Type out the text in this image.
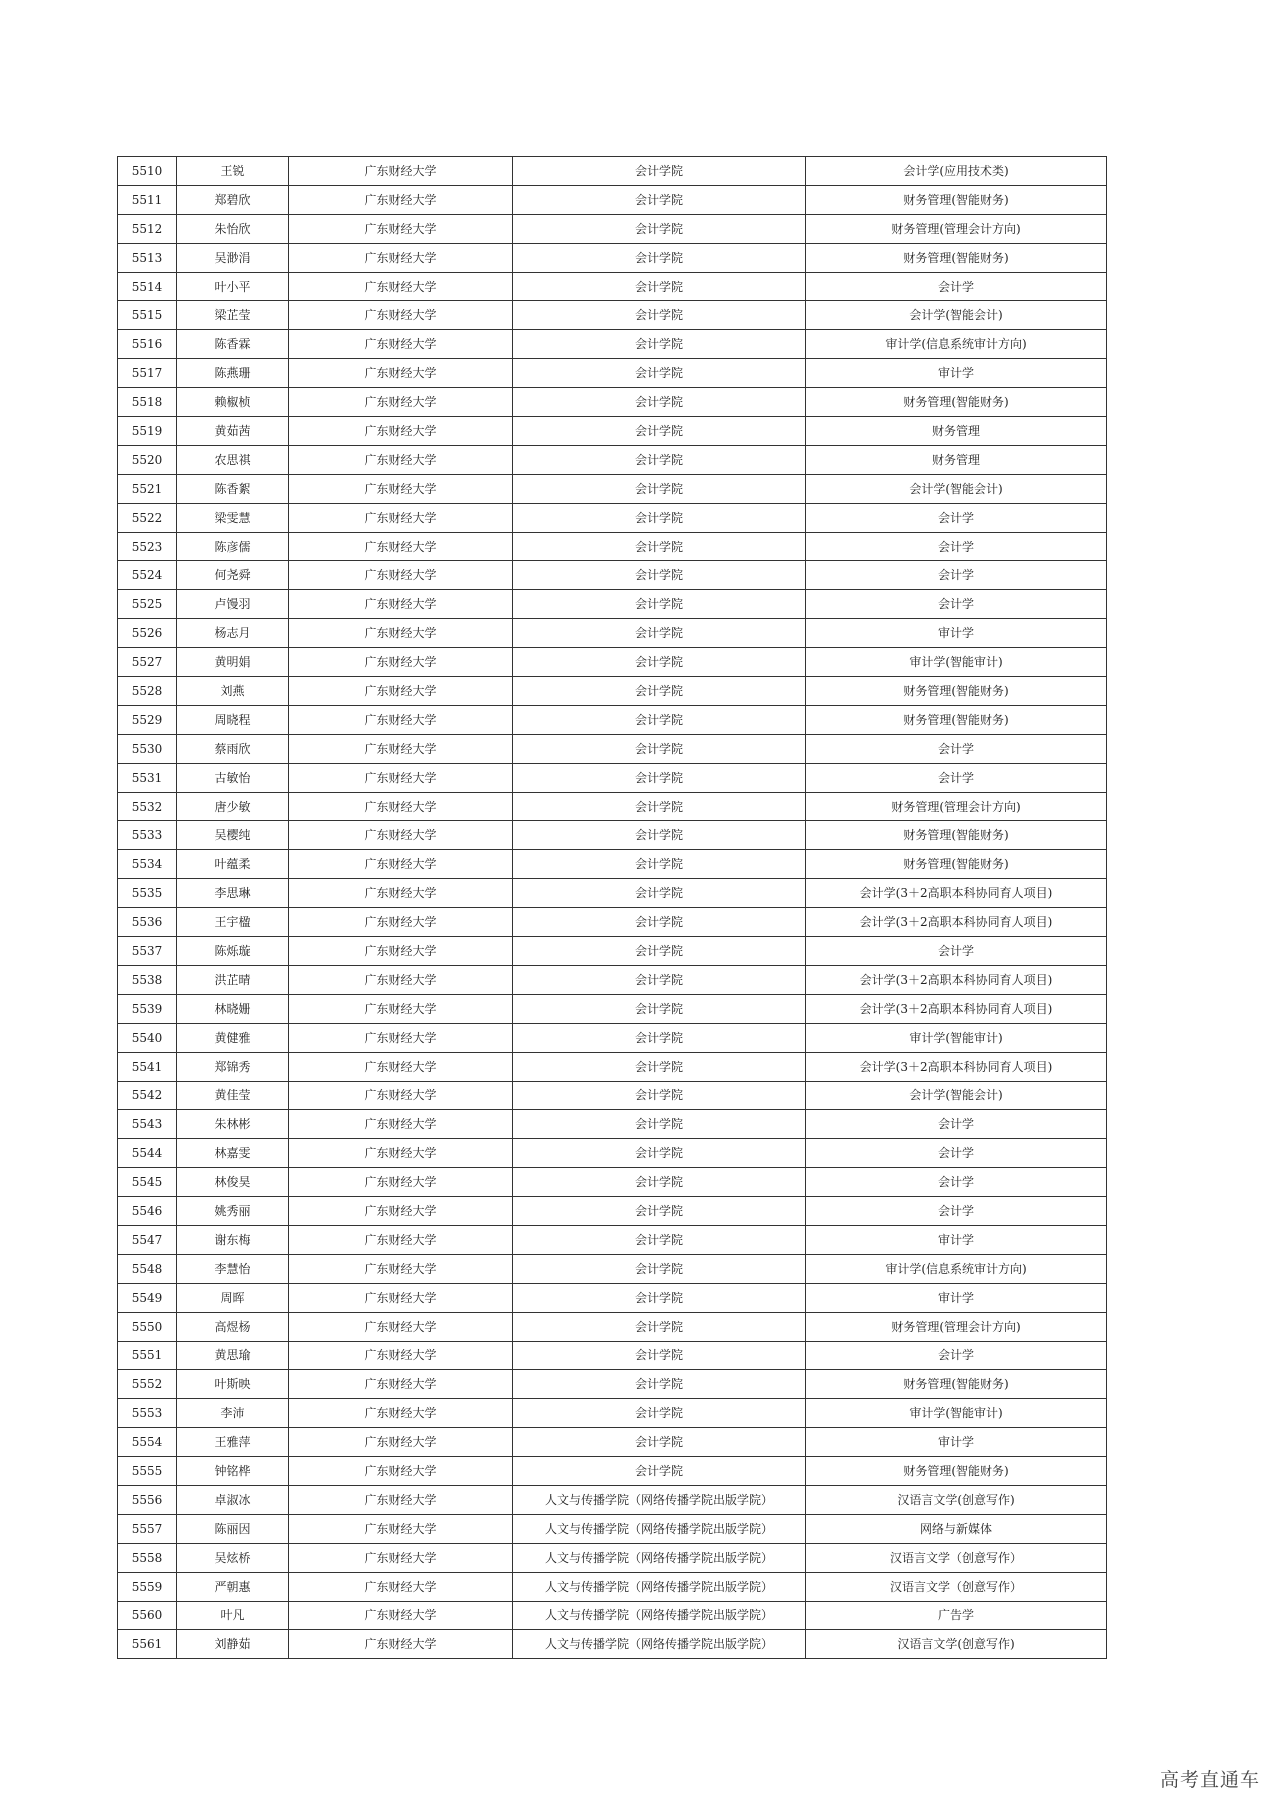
5510	王锐	广东财经大学	会计学院	会计学(应用技术类)
5511	郑碧欣	广东财经大学	会计学院	财务管理(智能财务)
5512	朱怡欣	广东财经大学	会计学院	财务管理(管理会计方向)
5513	吴渺涓	广东财经大学	会计学院	财务管理(智能财务)
5514	叶小平	广东财经大学	会计学院	会计学
5515	梁芷莹	广东财经大学	会计学院	会计学(智能会计)
5516	陈香霖	广东财经大学	会计学院	审计学(信息系统审计方向)
5517	陈燕珊	广东财经大学	会计学院	审计学
5518	赖椒桢	广东财经大学	会计学院	财务管理(智能财务)
5519	黄茹茜	广东财经大学	会计学院	财务管理
5520	农思祺	广东财经大学	会计学院	财务管理
5521	陈香絮	广东财经大学	会计学院	会计学(智能会计)
5522	梁雯慧	广东财经大学	会计学院	会计学
5523	陈彦儒	广东财经大学	会计学院	会计学
5524	何尧舜	广东财经大学	会计学院	会计学
5525	卢馒羽	广东财经大学	会计学院	会计学
5526	杨志月	广东财经大学	会计学院	审计学
5527	黄明娟	广东财经大学	会计学院	审计学(智能审计)
5528	刘燕	广东财经大学	会计学院	财务管理(智能财务)
5529	周晓程	广东财经大学	会计学院	财务管理(智能财务)
5530	蔡雨欣	广东财经大学	会计学院	会计学
5531	古敏怡	广东财经大学	会计学院	会计学
5532	唐少敏	广东财经大学	会计学院	财务管理(管理会计方向)
5533	吴樱纯	广东财经大学	会计学院	财务管理(智能财务)
5534	叶蕴柔	广东财经大学	会计学院	财务管理(智能财务)
5535	李思琳	广东财经大学	会计学院	会计学(3＋2高职本科协同育人项目)
5536	王宇楹	广东财经大学	会计学院	会计学(3＋2高职本科协同育人项目)
5537	陈烁璇	广东财经大学	会计学院	会计学
5538	洪芷晴	广东财经大学	会计学院	会计学(3＋2高职本科协同育人项目)
5539	林晓姗	广东财经大学	会计学院	会计学(3＋2高职本科协同育人项目)
5540	黄健雅	广东财经大学	会计学院	审计学(智能审计)
5541	郑锦秀	广东财经大学	会计学院	会计学(3＋2高职本科协同育人项目)
5542	黄佳莹	广东财经大学	会计学院	会计学(智能会计)
5543	朱林彬	广东财经大学	会计学院	会计学
5544	林嘉雯	广东财经大学	会计学院	会计学
5545	林俊昊	广东财经大学	会计学院	会计学
5546	姚秀丽	广东财经大学	会计学院	会计学
5547	谢东梅	广东财经大学	会计学院	审计学
5548	李慧怡	广东财经大学	会计学院	审计学(信息系统审计方向)
5549	周晖	广东财经大学	会计学院	审计学
5550	高煜杨	广东财经大学	会计学院	财务管理(管理会计方向)
5551	黄思瑜	广东财经大学	会计学院	会计学
5552	叶斯映	广东财经大学	会计学院	财务管理(智能财务)
5553	李沛	广东财经大学	会计学院	审计学(智能审计)
5554	王雅萍	广东财经大学	会计学院	审计学
5555	钟铭桦	广东财经大学	会计学院	财务管理(智能财务)
5556	卓淑冰	广东财经大学	人文与传播学院（网络传播学院出版学院）	汉语言文学(创意写作)
5557	陈丽因	广东财经大学	人文与传播学院（网络传播学院出版学院）	网络与新媒体
5558	吴炫桥	广东财经大学	人文与传播学院（网络传播学院出版学院）	汉语言文学（创意写作）
5559	严朝惠	广东财经大学	人文与传播学院（网络传播学院出版学院）	汉语言文学（创意写作）
5560	叶凡	广东财经大学	人文与传播学院（网络传播学院出版学院）	广告学
5561	刘静茹	广东财经大学	人文与传播学院（网络传播学院出版学院）	汉语言文学(创意写作)
高考直通车
